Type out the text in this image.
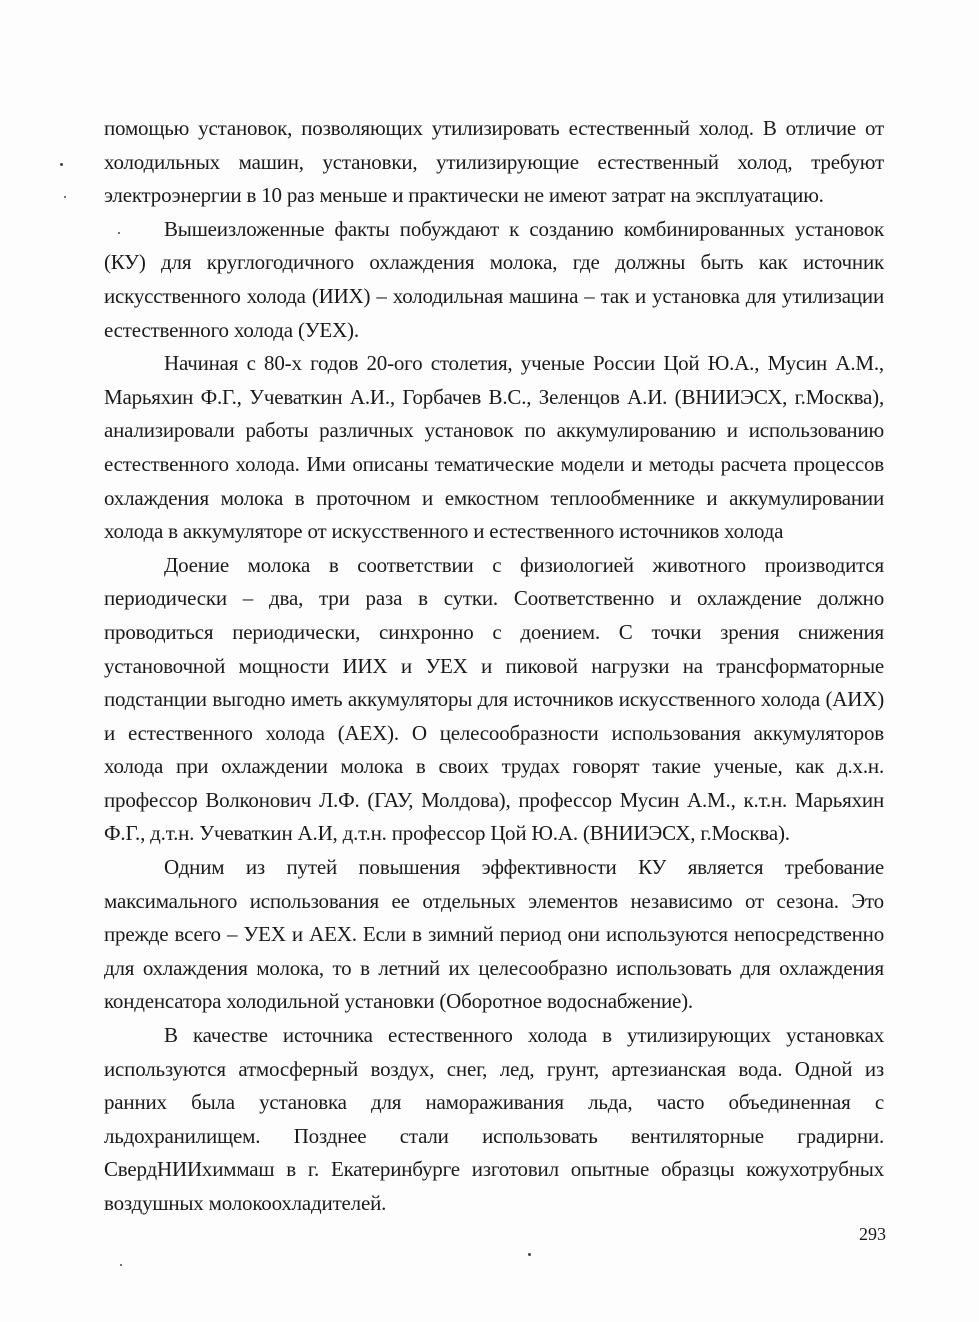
помощью установок, позволяющих утилизировать естественный холод. В отличие от холодильных машин, установки, утилизирующие естественный холод, требуют электроэнергии в 10 раз меньше и практически не имеют затрат на эксплуатацию.

Вышеизложенные факты побуждают к созданию комбинированных установок (КУ) для круглогодичного охлаждения молока, где должны быть как источник искусственного холода (ИИХ) – холодильная машина – так и установка для утилизации естественного холода (УЕХ).

Начиная с 80-х годов 20-ого столетия, ученые России Цой Ю.А., Мусин А.М., Марьяхин Ф.Г., Учеваткин А.И., Горбачев В.С., Зеленцов А.И. (ВНИИЭСХ, г.Москва), анализировали работы различных установок по аккумулированию и использованию естественного холода. Ими описаны тематические модели и методы расчета процессов охлаждения молока в проточном и емкостном теплообменнике и аккумулировании холода в аккумуляторе от искусственного и естественного источников холода

Доение молока в соответствии с физиологией животного производится периодически – два, три раза в сутки. Соответственно и охлаждение должно проводиться периодически, синхронно с доением. С точки зрения снижения установочной мощности ИИХ и УЕХ и пиковой нагрузки на трансформаторные подстанции выгодно иметь аккумуляторы для источников искусственного холода (АИХ) и естественного холода (АЕХ). О целесообразности использования аккумуляторов холода при охлаждении молока в своих трудах говорят такие ученые, как д.х.н. профессор Волконович Л.Ф. (ГАУ, Молдова), профессор Мусин А.М., к.т.н. Марьяхин Ф.Г., д.т.н. Учеваткин А.И, д.т.н. профессор Цой Ю.А. (ВНИИЭСХ, г.Москва).

Одним из путей повышения эффективности КУ является требование максимального использования ее отдельных элементов независимо от сезона. Это прежде всего – УЕХ и АЕХ. Если в зимний период они используются непосредственно для охлаждения молока, то в летний их целесообразно использовать для охлаждения конденсатора холодильной установки (Оборотное водоснабжение).

В качестве источника естественного холода в утилизирующих установках используются атмосферный воздух, снег, лед, грунт, артезианская вода. Одной из ранних была установка для намораживания льда, часто объединенная с льдохранилищем. Позднее стали использовать вентиляторные градирни. СвердНИИхиммаш в г. Екатеринбурге изготовил опытные образцы кожухотрубных воздушных молокоохладителей.

293
